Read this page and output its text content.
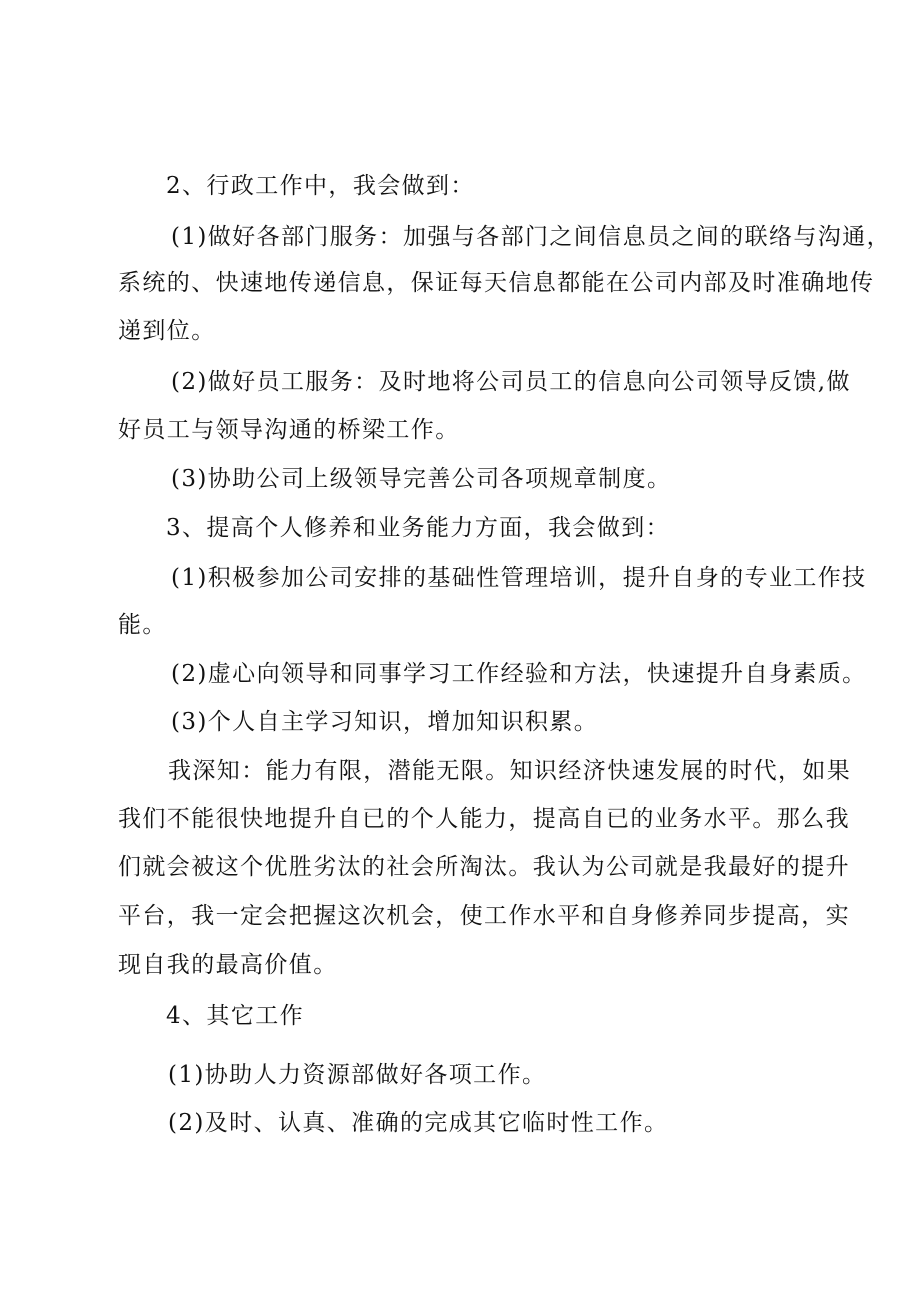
2、行政工作中，我会做到：
(1)做好各部门服务：加强与各部门之间信息员之间的联络与沟通，
系统的、快速地传递信息，保证每天信息都能在公司内部及时准确地传
递到位。
(2)做好员工服务：及时地将公司员工的信息向公司领导反馈,做
好员工与领导沟通的桥梁工作。
(3)协助公司上级领导完善公司各项规章制度。
3、提高个人修养和业务能力方面，我会做到：
(1)积极参加公司安排的基础性管理培训，提升自身的专业工作技
能。
(2)虚心向领导和同事学习工作经验和方法，快速提升自身素质。
(3)个人自主学习知识，增加知识积累。
我深知：能力有限，潜能无限。知识经济快速发展的时代，如果
我们不能很快地提升自已的个人能力，提高自已的业务水平。那么我
们就会被这个优胜劣汰的社会所淘汰。我认为公司就是我最好的提升
平台，我一定会把握这次机会，使工作水平和自身修养同步提高，实
现自我的最高价值。
4、其它工作
(1)协助人力资源部做好各项工作。
(2)及时、认真、准确的完成其它临时性工作。
